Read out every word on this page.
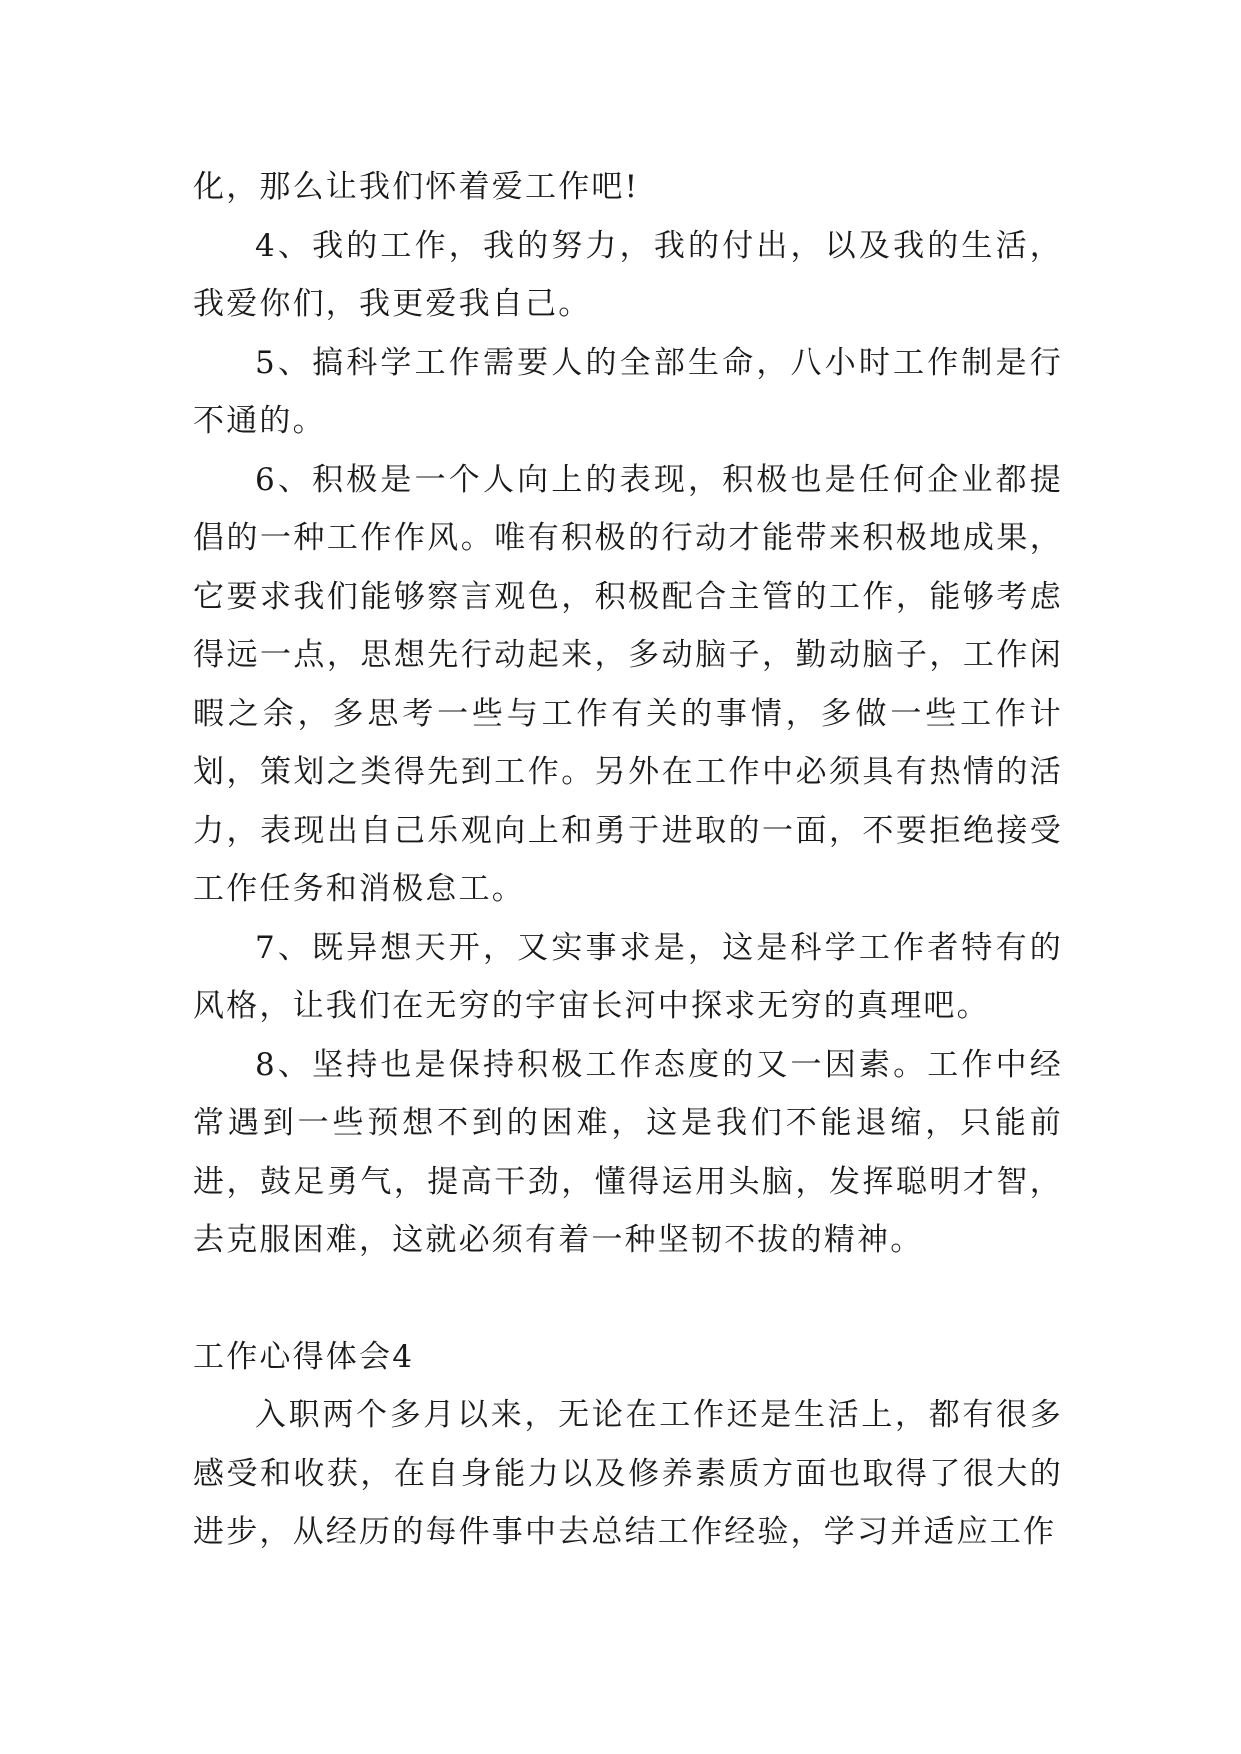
化，那么让我们怀着爱工作吧!

4、我的工作，我的努力，我的付出，以及我的生活，我爱你们，我更爱我自己。

5、搞科学工作需要人的全部生命，八小时工作制是行不通的。

6、积极是一个人向上的表现，积极也是任何企业都提倡的一种工作作风。唯有积极的行动才能带来积极地成果，它要求我们能够察言观色，积极配合主管的工作，能够考虑得远一点，思想先行动起来，多动脑子，勤动脑子，工作闲暇之余，多思考一些与工作有关的事情，多做一些工作计划，策划之类得先到工作。另外在工作中必须具有热情的活力，表现出自己乐观向上和勇于进取的一面，不要拒绝接受工作任务和消极怠工。

7、既异想天开，又实事求是，这是科学工作者特有的风格，让我们在无穷的宇宙长河中探求无穷的真理吧。

8、坚持也是保持积极工作态度的又一因素。工作中经常遇到一些预想不到的困难，这是我们不能退缩，只能前进，鼓足勇气，提高干劲，懂得运用头脑，发挥聪明才智，去克服困难，这就必须有着一种坚韧不拔的精神。

工作心得体会4

入职两个多月以来，无论在工作还是生活上，都有很多感受和收获，在自身能力以及修养素质方面也取得了很大的进步，从经历的每件事中去总结工作经验，学习并适应工作
